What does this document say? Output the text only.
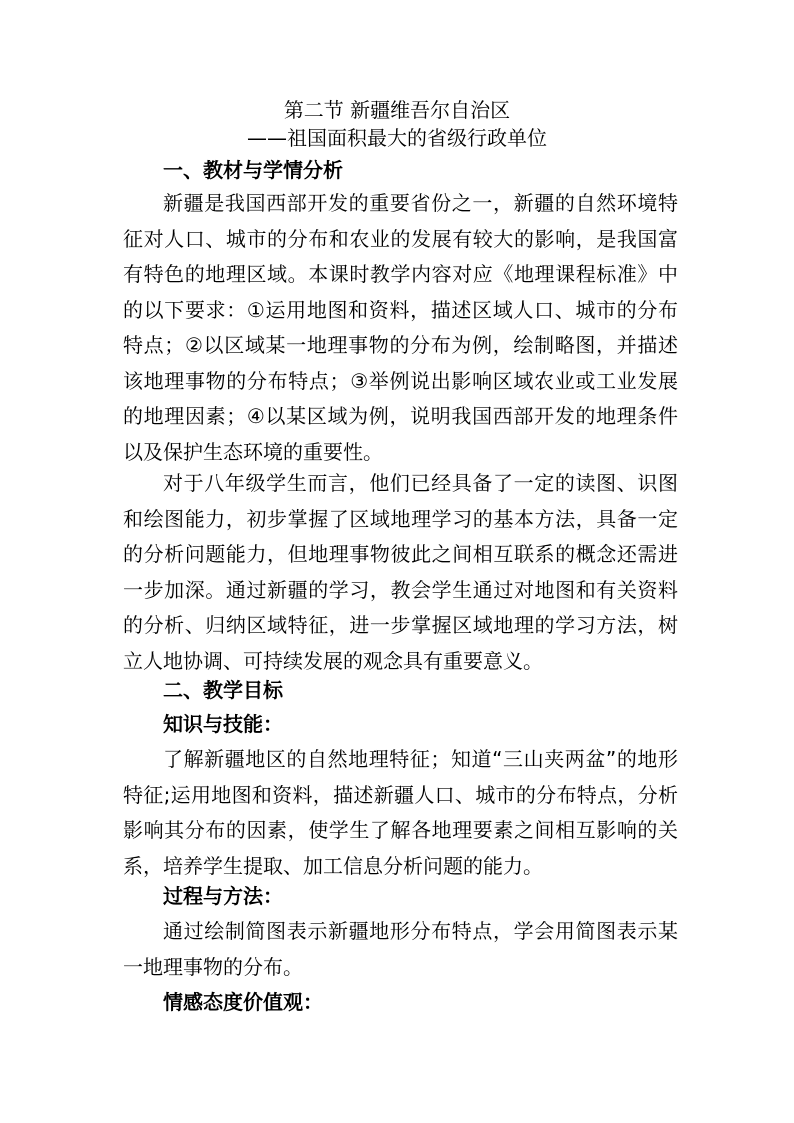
第二节 新疆维吾尔自治区
——祖国面积最大的省级行政单位
一、教材与学情分析

新疆是我国西部开发的重要省份之一，新疆的自然环境特征对人口、城市的分布和农业的发展有较大的影响，是我国富有特色的地理区域。本课时教学内容对应《地理课程标准》中的以下要求：①运用地图和资料，描述区域人口、城市的分布特点；②以区域某一地理事物的分布为例，绘制略图，并描述该地理事物的分布特点；③举例说出影响区域农业或工业发展的地理因素；④以某区域为例，说明我国西部开发的地理条件以及保护生态环境的重要性。

对于八年级学生而言，他们已经具备了一定的读图、识图和绘图能力，初步掌握了区域地理学习的基本方法，具备一定的分析问题能力，但地理事物彼此之间相互联系的概念还需进一步加深。通过新疆的学习，教会学生通过对地图和有关资料的分析、归纳区域特征，进一步掌握区域地理的学习方法，树立人地协调、可持续发展的观念具有重要意义。

二、教学目标
知识与技能：

了解新疆地区的自然地理特征；知道“三山夹两盆”的地形特征;运用地图和资料，描述新疆人口、城市的分布特点，分析影响其分布的因素，使学生了解各地理要素之间相互影响的关系，培养学生提取、加工信息分析问题的能力。

过程与方法：

通过绘制简图表示新疆地形分布特点，学会用简图表示某一地理事物的分布。

情感态度价值观：
